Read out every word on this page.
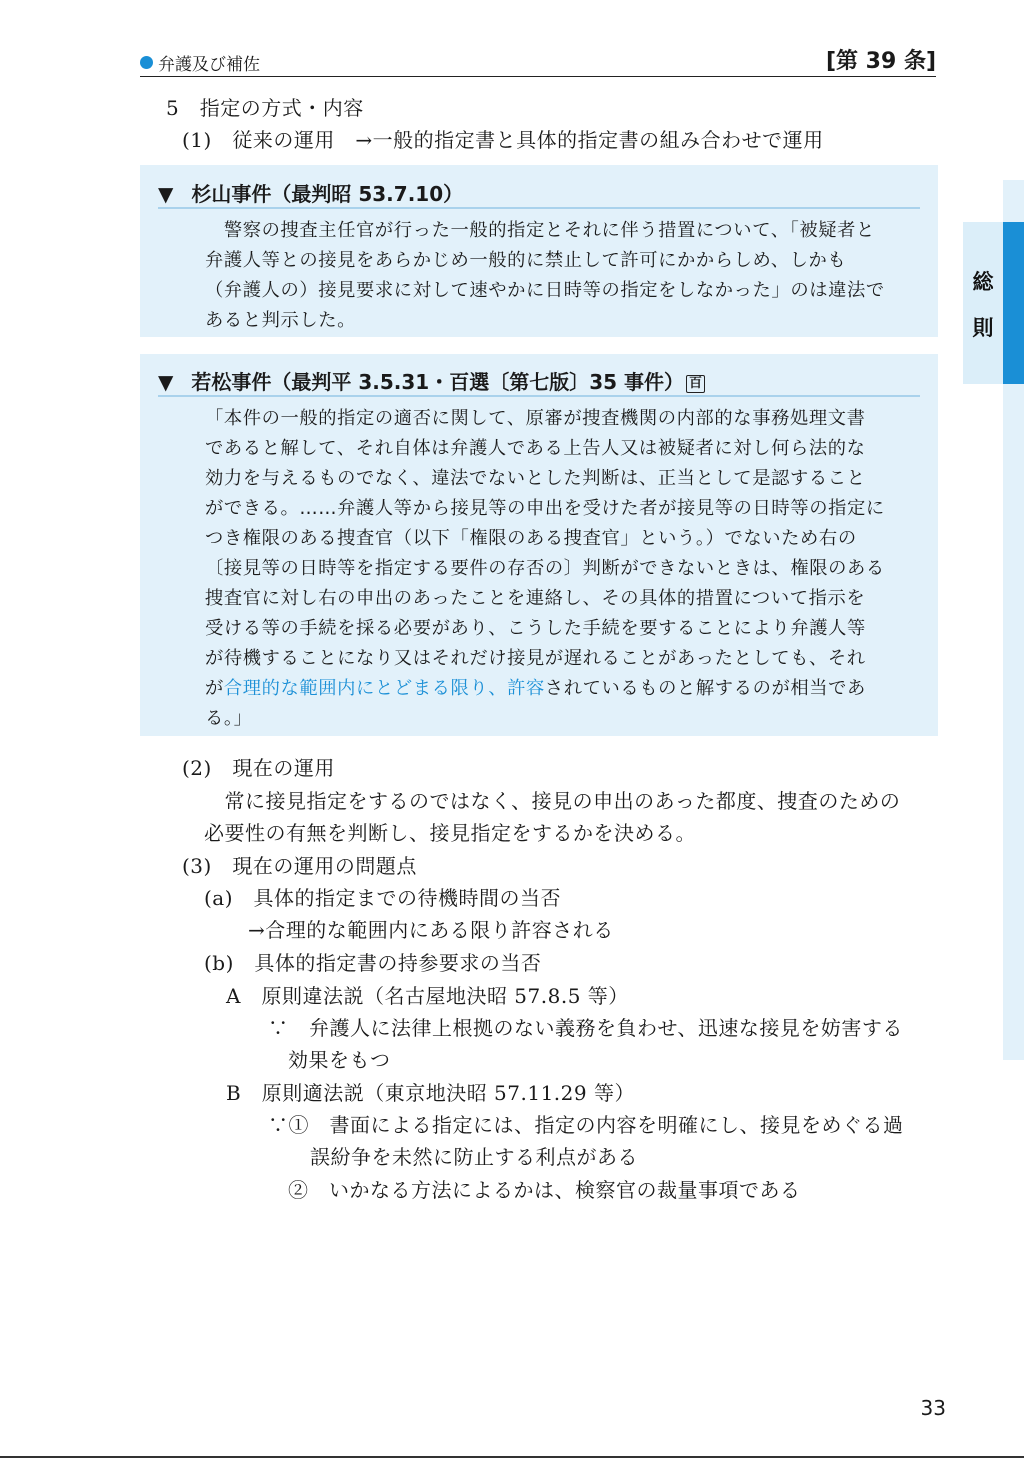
弁護及び補佐	[第 39 条]
総
則
5　指定の方式・内容
(1)　従来の運用　→一般的指定書と具体的指定書の組み合わせで運用
▼ 杉山事件（最判昭 53.7.10）
　警察の捜査主任官が行った一般的指定とそれに伴う措置について、「被疑者と
弁護人等との接見をあらかじめ一般的に禁止して許可にかからしめ、しかも
（弁護人の）接見要求に対して速やかに日時等の指定をしなかった」のは違法で
あると判示した。
▼ 若松事件（最判平 3.5.31・百選〔第七版〕35 事件） 百
「本件の一般的指定の適否に関して、原審が捜査機関の内部的な事務処理文書
であると解して、それ自体は弁護人である上告人又は被疑者に対し何ら法的な
効力を与えるものでなく、違法でないとした判断は、正当として是認すること
ができる。……弁護人等から接見等の申出を受けた者が接見等の日時等の指定に
つき権限のある捜査官（以下「権限のある捜査官」という。）でないため右の
〔接見等の日時等を指定する要件の存否の〕判断ができないときは、権限のある
捜査官に対し右の申出のあったことを連絡し、その具体的措置について指示を
受ける等の手続を採る必要があり、こうした手続を要することにより弁護人等
が待機することになり又はそれだけ接見が遅れることがあったとしても、それ
が合理的な範囲内にとどまる限り、許容されているものと解するのが相当であ
る。」
(2)　現在の運用
　常に接見指定をするのではなく、接見の申出のあった都度、捜査のための
必要性の有無を判断し、接見指定をするかを決める。
(3)　現在の運用の問題点
(a)　具体的指定までの待機時間の当否
→合理的な範囲内にある限り許容される
(b)　具体的指定書の持参要求の当否
A　原則違法説（名古屋地決昭 57.8.5 等）
∵　弁護人に法律上根拠のない義務を負わせ、迅速な接見を妨害する
効果をもつ
B　原則適法説（東京地決昭 57.11.29 等）
∵①　書面による指定には、指定の内容を明確にし、接見をめぐる過
誤紛争を未然に防止する利点がある
②　いかなる方法によるかは、検察官の裁量事項である
33
